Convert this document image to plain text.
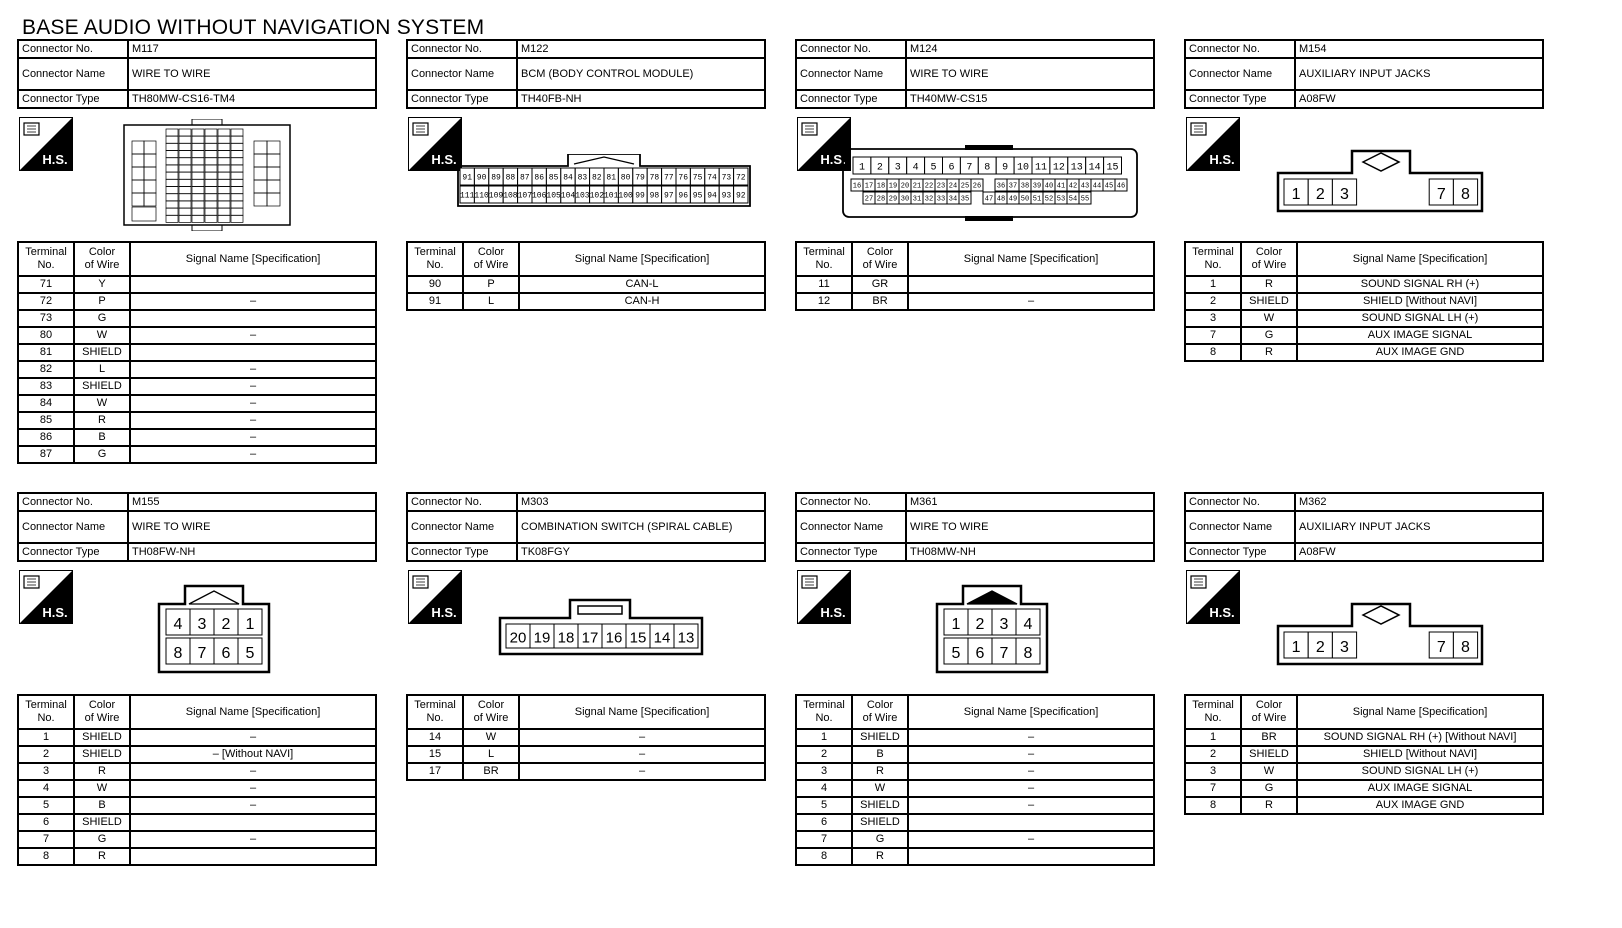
BASE AUDIO WITHOUT NAVIGATION SYSTEM
Connector No.	M117
Connector Name	WIRE TO WIRE
Connector Type	TH80MW-CS16-TM4
H.S.
Terminal
No.	Color
of Wire	Signal Name [Specification]
71	Y	
72	P	–
73	G	
80	W	–
81	SHIELD	
82	L	–
83	SHIELD	–
84	W	–
85	R	–
86	B	–
87	G	–
Connector No.	M122
Connector Name	BCM (BODY CONTROL MODULE)
Connector Type	TH40FB-NH
H.S.
91 90 89 88 87 86 85 84 83 82 81 80 79 78 77 76 75 74 73 72
111 110 109 108 107 106 105 104 103 102 101 100 99 98 97 96 95 94 93 92
Terminal
No.	Color
of Wire	Signal Name [Specification]
90	P	CAN-L
91	L	CAN-H
Connector No.	M124
Connector Name	WIRE TO WIRE
Connector Type	TH40MW-CS15
H.S.
1 2 3 4 5 6 7 8 9 10 11 12 13 14 15
16 17 18 19 20 21 22 23 24 25 26 36 37 38 39 40 41 42 43 44 45 46
27 28 29 30 31 32 33 34 35 47 48 49 50 51 52 53 54 55
Terminal
No.	Color
of Wire	Signal Name [Specification]
11	GR	
12	BR	–
Connector No.	M154
Connector Name	AUXILIARY INPUT JACKS
Connector Type	A08FW
H.S.
1 2 3	7 8
Terminal
No.	Color
of Wire	Signal Name [Specification]
1	R	SOUND SIGNAL RH (+)
2	SHIELD	SHIELD [Without NAVI]
3	W	SOUND SIGNAL LH (+)
7	G	AUX IMAGE SIGNAL
8	R	AUX IMAGE GND
Connector No.	M155
Connector Name	WIRE TO WIRE
Connector Type	TH08FW-NH
H.S.
4 3 2 1
8 7 6 5
Terminal
No.	Color
of Wire	Signal Name [Specification]
1	SHIELD	–
2	SHIELD	– [Without NAVI]
3	R	–
4	W	–
5	B	–
6	SHIELD	
7	G	–
8	R	
Connector No.	M303
Connector Name	COMBINATION SWITCH (SPIRAL CABLE)
Connector Type	TK08FGY
H.S.
20 19 18 17 16 15 14 13
Terminal
No.	Color
of Wire	Signal Name [Specification]
14	W	–
15	L	–
17	BR	–
Connector No.	M361
Connector Name	WIRE TO WIRE
Connector Type	TH08MW-NH
H.S.
1 2 3 4
5 6 7 8
Terminal
No.	Color
of Wire	Signal Name [Specification]
1	SHIELD	–
2	B	–
3	R	–
4	W	–
5	SHIELD	–
6	SHIELD	
7	G	–
8	R	
Connector No.	M362
Connector Name	AUXILIARY INPUT JACKS
Connector Type	A08FW
H.S.
1 2 3	7 8
Terminal
No.	Color
of Wire	Signal Name [Specification]
1	BR	SOUND SIGNAL RH (+) [Without NAVI]
2	SHIELD	SHIELD [Without NAVI]
3	W	SOUND SIGNAL LH (+)
7	G	AUX IMAGE SIGNAL
8	R	AUX IMAGE GND
